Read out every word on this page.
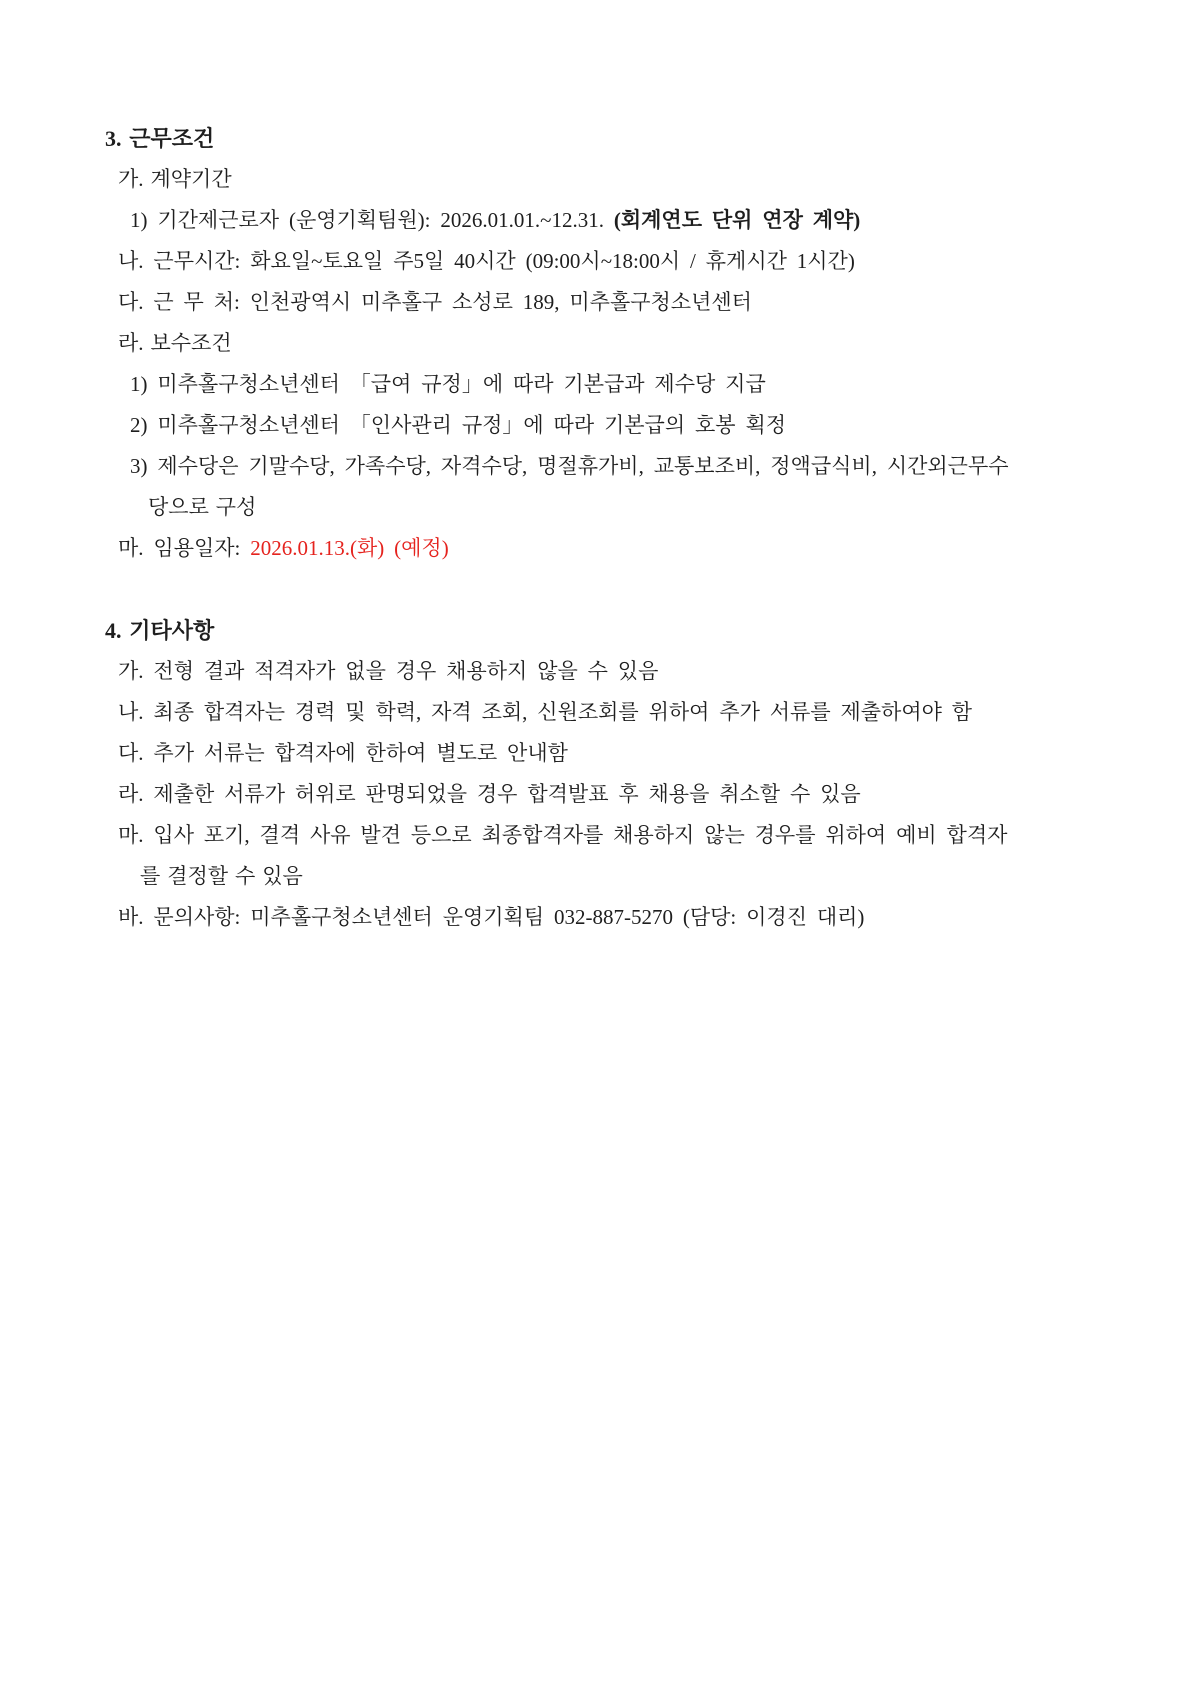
3. 근무조건
가. 계약기간
1) 기간제근로자 (운영기획팀원): 2026.01.01.~12.31. (회계연도 단위 연장 계약)
나. 근무시간: 화요일~토요일 주5일 40시간 (09:00시~18:00시 / 휴게시간 1시간)
다. 근 무 처: 인천광역시 미추홀구 소성로 189, 미추홀구청소년센터
라. 보수조건
1) 미추홀구청소년센터 「급여 규정」에 따라 기본급과 제수당 지급
2) 미추홀구청소년센터 「인사관리 규정」에 따라 기본급의 호봉 획정
3) 제수당은 기말수당, 가족수당, 자격수당, 명절휴가비, 교통보조비, 정액급식비, 시간외근무수
당으로 구성
마. 임용일자: 2026.01.13.(화) (예정)
4. 기타사항
가. 전형 결과 적격자가 없을 경우 채용하지 않을 수 있음
나. 최종 합격자는 경력 및 학력, 자격 조회, 신원조회를 위하여 추가 서류를 제출하여야 함
다. 추가 서류는 합격자에 한하여 별도로 안내함
라. 제출한 서류가 허위로 판명되었을 경우 합격발표 후 채용을 취소할 수 있음
마. 입사 포기, 결격 사유 발견 등으로 최종합격자를 채용하지 않는 경우를 위하여 예비 합격자
를 결정할 수 있음
바. 문의사항: 미추홀구청소년센터 운영기획팀 032-887-5270 (담당: 이경진 대리)
